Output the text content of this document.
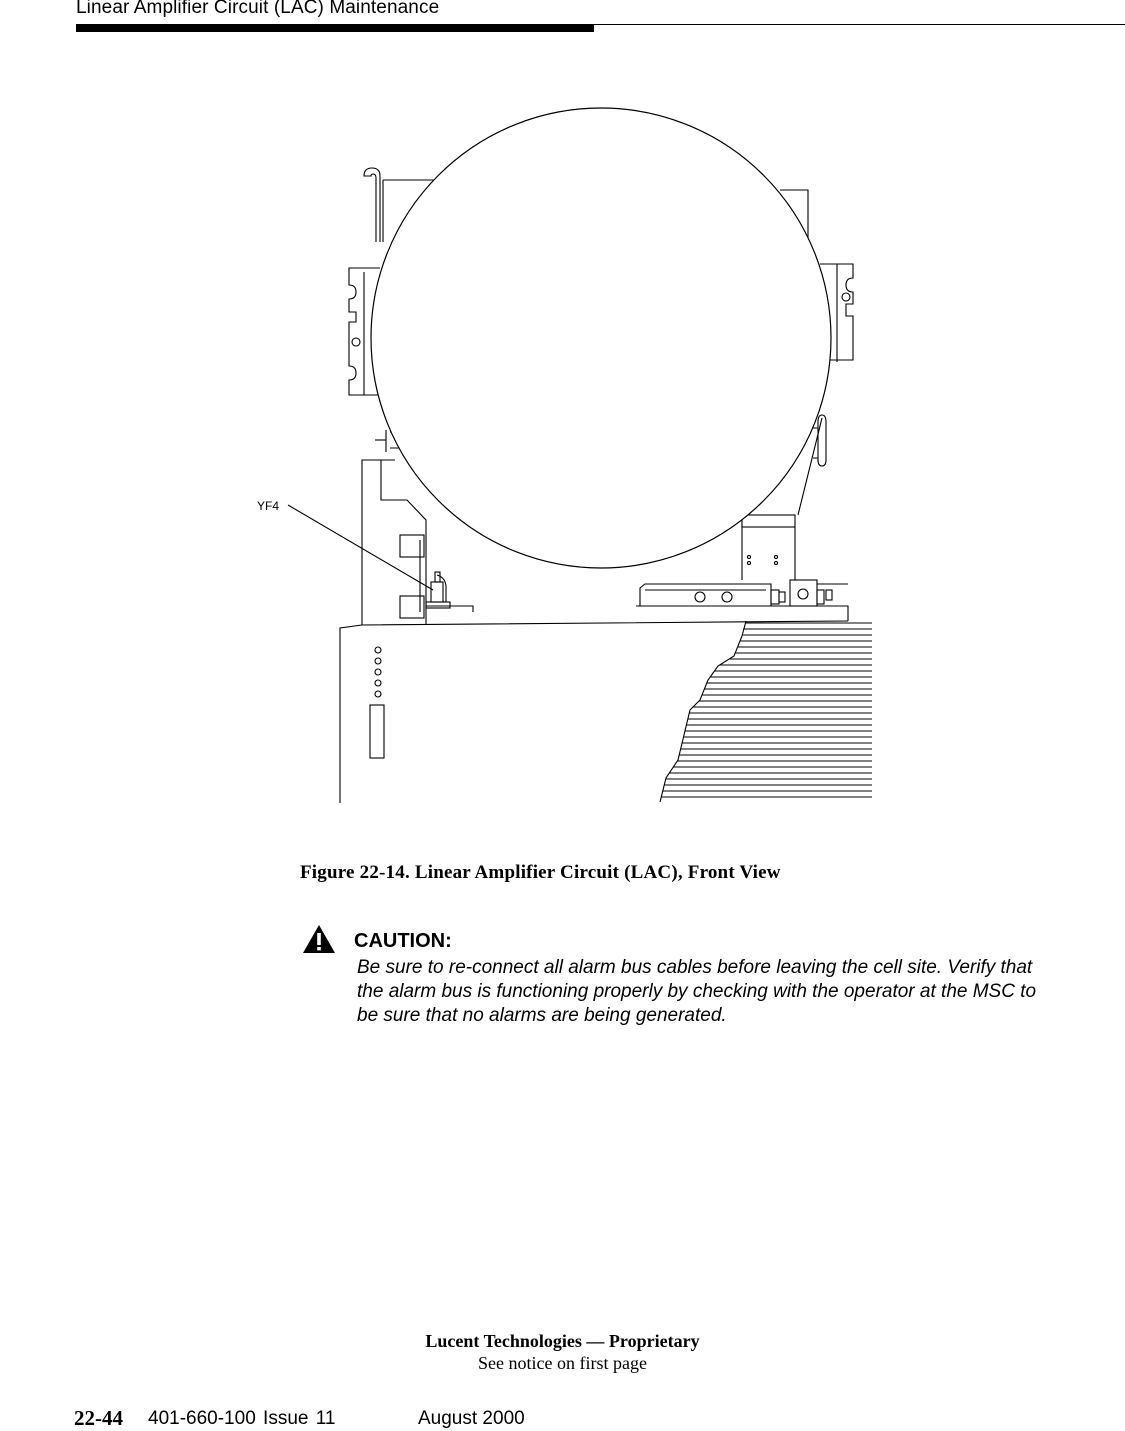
Linear Amplifier Circuit (LAC) Maintenance
YF4
Figure 22-14. Linear Amplifier Circuit (LAC), Front View
CAUTION:
Be sure to re-connect all alarm bus cables before leaving the cell site. Verify that the alarm bus is functioning properly by checking with the operator at the MSC to be sure that no alarms are being generated.
Lucent Technologies — Proprietary
See notice on first page
22-44 401-660-100 Issue 11	August 2000
